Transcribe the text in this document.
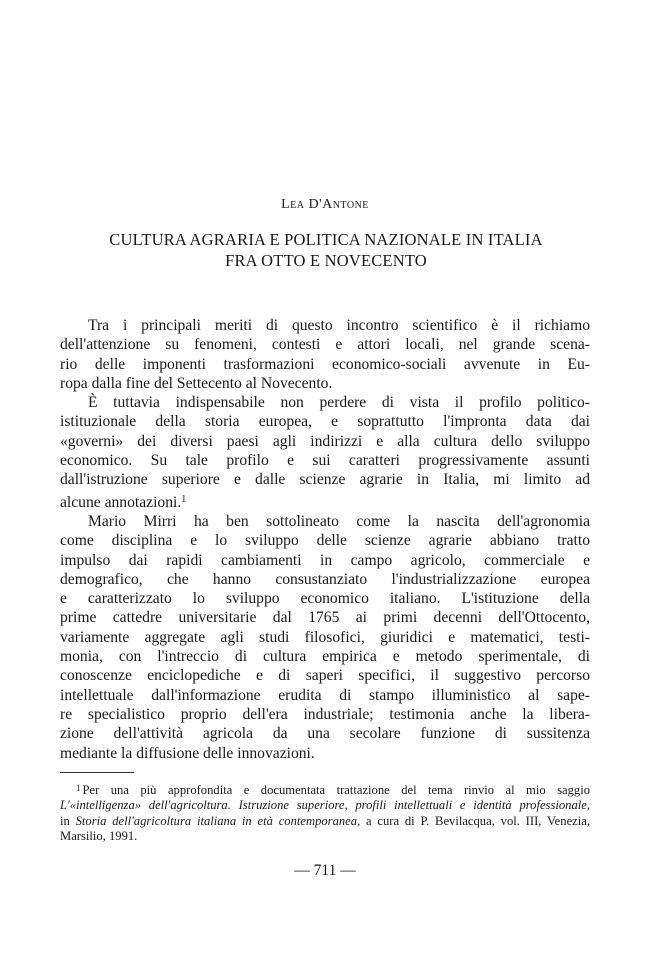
Lea D'Antone
CULTURA AGRARIA E POLITICA NAZIONALE IN ITALIA
FRA OTTO E NOVECENTO
Tra i principali meriti di questo incontro scientifico è il richiamo
dell'attenzione su fenomeni, contesti e attori locali, nel grande scena-
rio delle imponenti trasformazioni economico-sociali avvenute in Eu-
ropa dalla fine del Settecento al Novecento.
È tuttavia indispensabile non perdere di vista il profilo politico-
istituzionale della storia europea, e soprattutto l'impronta data dai
«governi» dei diversi paesi agli indirizzi e alla cultura dello sviluppo
economico. Su tale profilo e sui caratteri progressivamente assunti
dall'istruzione superiore e dalle scienze agrarie in Italia, mi limito ad
alcune annotazioni.$^1$
Mario Mirri ha ben sottolineato come la nascita dell'agronomia
come disciplina e lo sviluppo delle scienze agrarie abbiano tratto
impulso dai rapidi cambiamenti in campo agricolo, commerciale e
demografico, che hanno consustanziato l'industrializzazione europea
e caratterizzato lo sviluppo economico italiano. L'istituzione della
prime cattedre universitarie dal 1765 ai primi decenni dell'Ottocento,
variamente aggregate agli studi filosofici, giuridici e matematici, testi-
monia, con l'intreccio di cultura empirica e metodo sperimentale, di
conoscenze enciclopediche e di saperi specifici, il suggestivo percorso
intellettuale dall'informazione erudita di stampo illuministico al sape-
re specialistico proprio dell'era industriale; testimonia anche la libera-
zione dell'attività agricola da una secolare funzione di sussitenza
mediante la diffusione delle innovazioni.
$^1$ Per una più approfondita e documentata trattazione del tema rinvio al mio saggio
L'«intelligenza» dell'agricoltura. Istruzione superiore, profili intellettuali e identità professionale,
in Storia dell'agricoltura italiana in età contemporanea, a cura di P. Bevilacqua, vol. III, Venezia,
Marsilio, 1991.
— 711 —
